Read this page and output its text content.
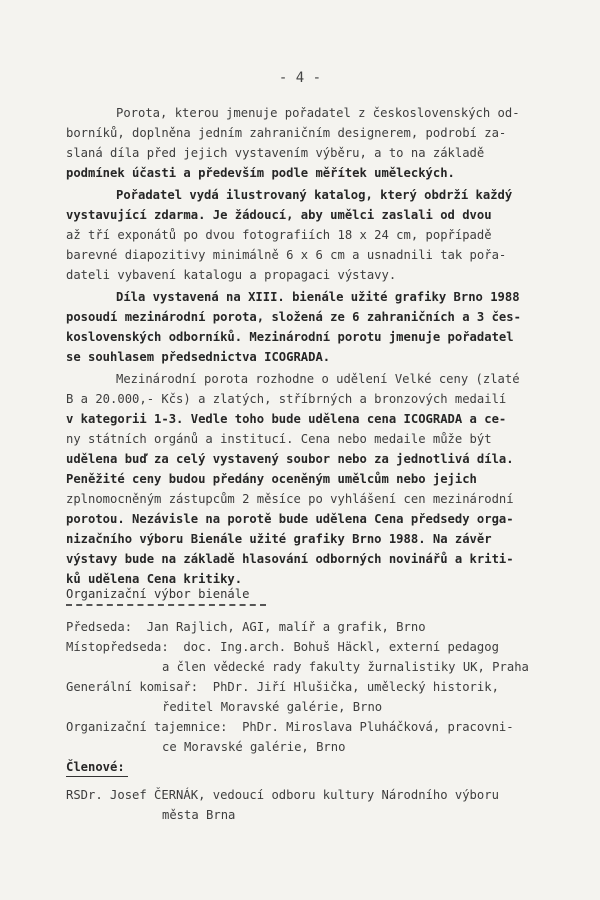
- 4 -
Porota, kterou jmenuje pořadatel z československých od-
borníků, doplněna jedním zahraničním designerem, podrobí za-
slaná díla před jejich vystavením výběru, a to na základě
podmínek účasti a především podle měřítek uměleckých.
Pořadatel vydá ilustrovaný katalog, který obdrží každý
vystavující zdarma. Je žádoucí, aby umělci zaslali od dvou
až tří exponátů po dvou fotografiích 18 x 24 cm, popřípadě
barevné diapozitivy minimálně 6 x 6 cm a usnadnili tak pořa-
dateli vybavení katalogu a propagaci výstavy.
Díla vystavená na XIII. bienále užité grafiky Brno 1988
posoudí mezinárodní porota, složená ze 6 zahraničních a 3 čes-
koslovenských odborníků. Mezinárodní porotu jmenuje pořadatel
se souhlasem předsednictva ICOGRADA.
Mezinárodní porota rozhodne o udělení Velké ceny (zlaté
B a 20.000,- Kčs) a zlatých, stříbrných a bronzových medailí
v kategorii 1-3. Vedle toho bude udělena cena ICOGRADA a ce-
ny státních orgánů a institucí. Cena nebo medaile může být
udělena buď za celý vystavený soubor nebo za jednotlivá díla.
Peněžité ceny budou předány oceněným umělcům nebo jejich
zplnomocněným zástupcům 2 měsíce po vyhlášení cen mezinárodní
porotou. Nezávisle na porotě bude udělena Cena předsedy orga-
nizačního výboru Bienále užité grafiky Brno 1988. Na závěr
výstavy bude na základě hlasování odborných novinářů a kriti-
ků udělena Cena kritiky.
Organizační výbor bienále
Předseda:  Jan Rajlich, AGI, malíř a grafik, Brno
Místopředseda:  doc. Ing.arch. Bohuš Häckl, externí pedagog
a člen vědecké rady fakulty žurnalistiky UK, Praha
Generální komisař:  PhDr. Jiří Hlušička, umělecký historik,
ředitel Moravské galérie, Brno
Organizační tajemnice:  PhDr. Miroslava Pluháčková, pracovni-
ce Moravské galérie, Brno
Členové:
RSDr. Josef ČERNÁK, vedoucí odboru kultury Národního výboru
města Brna
